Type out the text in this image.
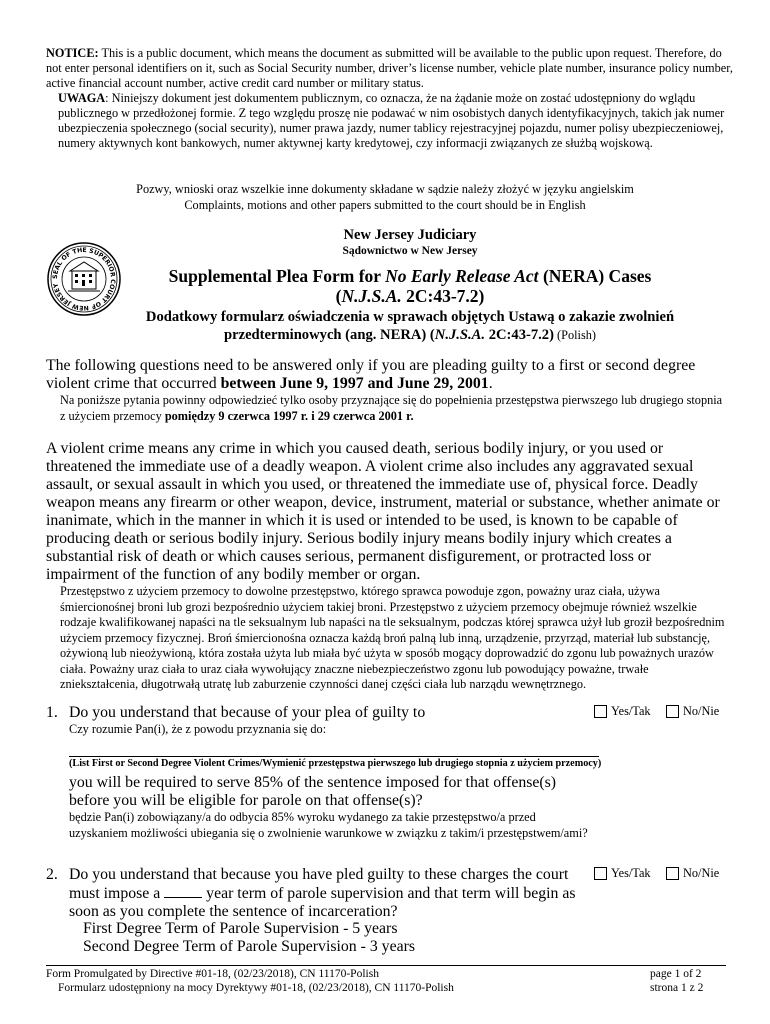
NOTICE: This is a public document, which means the document as submitted will be available to the public upon request. Therefore, do not enter personal identifiers on it, such as Social Security number, driver’s license number, vehicle plate number, insurance policy number, active financial account number, active credit card number or military status.
UWAGA: Niniejszy dokument jest dokumentem publicznym, co oznacza, że na żądanie może on zostać udostępniony do wglądu publicznego w przedłożonej formie. Z tego względu proszę nie podawać w nim osobistych danych identyfikacyjnych, takich jak numer ubezpieczenia społecznego (social security), numer prawa jazdy, numer tablicy rejestracyjnej pojazdu, numer polisy ubezpieczeniowej, numery aktywnych kont bankowych, numer aktywnej karty kredytowej, czy informacji związanych ze służbą wojskową.
Pozwy, wnioski oraz wszelkie inne dokumenty składane w sądzie należy złożyć w języku angielskim
Complaints, motions and other papers submitted to the court should be in English
SEAL OF THE SUPERIOR COURT OF NEW JERSEY
New Jersey Judiciary
Sądownictwo w New Jersey
Supplemental Plea Form for No Early Release Act (NERA) Cases
(N.J.S.A. 2C:43-7.2)
Dodatkowy formularz oświadczenia w sprawach objętych Ustawą o zakazie zwolnień
przedterminowych (ang. NERA) (N.J.S.A. 2C:43-7.2) (Polish)
The following questions need to be answered only if you are pleading guilty to a first or second degree violent crime that occurred between June 9, 1997 and June 29, 2001.
Na poniższe pytania powinny odpowiedzieć tylko osoby przyznające się do popełnienia przestępstwa pierwszego lub drugiego stopnia z użyciem przemocy pomiędzy 9 czerwca 1997 r. i 29 czerwca 2001 r.
A violent crime means any crime in which you caused death, serious bodily injury, or you used or threatened the immediate use of a deadly weapon. A violent crime also includes any aggravated sexual assault, or sexual assault in which you used, or threatened the immediate use of, physical force. Deadly weapon means any firearm or other weapon, device, instrument, material or substance, whether animate or inanimate, which in the manner in which it is used or intended to be used, is known to be capable of producing death or serious bodily injury. Serious bodily injury means bodily injury which creates a substantial risk of death or which causes serious, permanent disfigurement, or protracted loss or impairment of the function of any bodily member or organ.
Przestępstwo z użyciem przemocy to dowolne przestępstwo, którego sprawca powoduje zgon, poważny uraz ciała, używa śmiercionośnej broni lub grozi bezpośrednio użyciem takiej broni. Przestępstwo z użyciem przemocy obejmuje również wszelkie rodzaje kwalifikowanej napaści na tle seksualnym lub napaści na tle seksualnym, podczas której sprawca użył lub groził bezpośrednim użyciem przemocy fizycznej. Broń śmiercionośna oznacza każdą broń palną lub inną, urządzenie, przyrząd, materiał lub substancję, ożywioną lub nieożywioną, która została użyta lub miała być użyta w sposób mogący doprowadzić do zgonu lub poważnych urazów ciała. Poważny uraz ciała to uraz ciała wywołujący znaczne niebezpieczeństwo zgonu lub powodujący poważne, trwałe zniekształcenia, długotrwałą utratę lub zaburzenie czynności danej części ciała lub narządu wewnętrznego.
1. Do you understand that because of your plea of guilty to
Czy rozumie Pan(i), że z powodu przyznania się do:
(List First or Second Degree Violent Crimes/Wymienić przestępstwa pierwszego lub drugiego stopnia z użyciem przemocy)
you will be required to serve 85% of the sentence imposed for that offense(s) before you will be eligible for parole on that offense(s)?
będzie Pan(i) zobowiązany/a do odbycia 85% wyroku wydanego za takie przestępstwo/a przed uzyskaniem możliwości ubiegania się o zwolnienie warunkowe w związku z takim/i przestępstwem/ami?
Yes/Tak	No/Nie
2. Do you understand that because you have pled guilty to these charges the court must impose a	year term of parole supervision and that term will begin as soon as you complete the sentence of incarceration?
First Degree Term of Parole Supervision - 5 years
Second Degree Term of Parole Supervision - 3 years
Yes/Tak	No/Nie
Form Promulgated by Directive #01-18, (02/23/2018), CN 11170-Polish
Formularz udostępniony na mocy Dyrektywy #01-18, (02/23/2018), CN 11170-Polish
page 1 of 2
strona 1 z 2
